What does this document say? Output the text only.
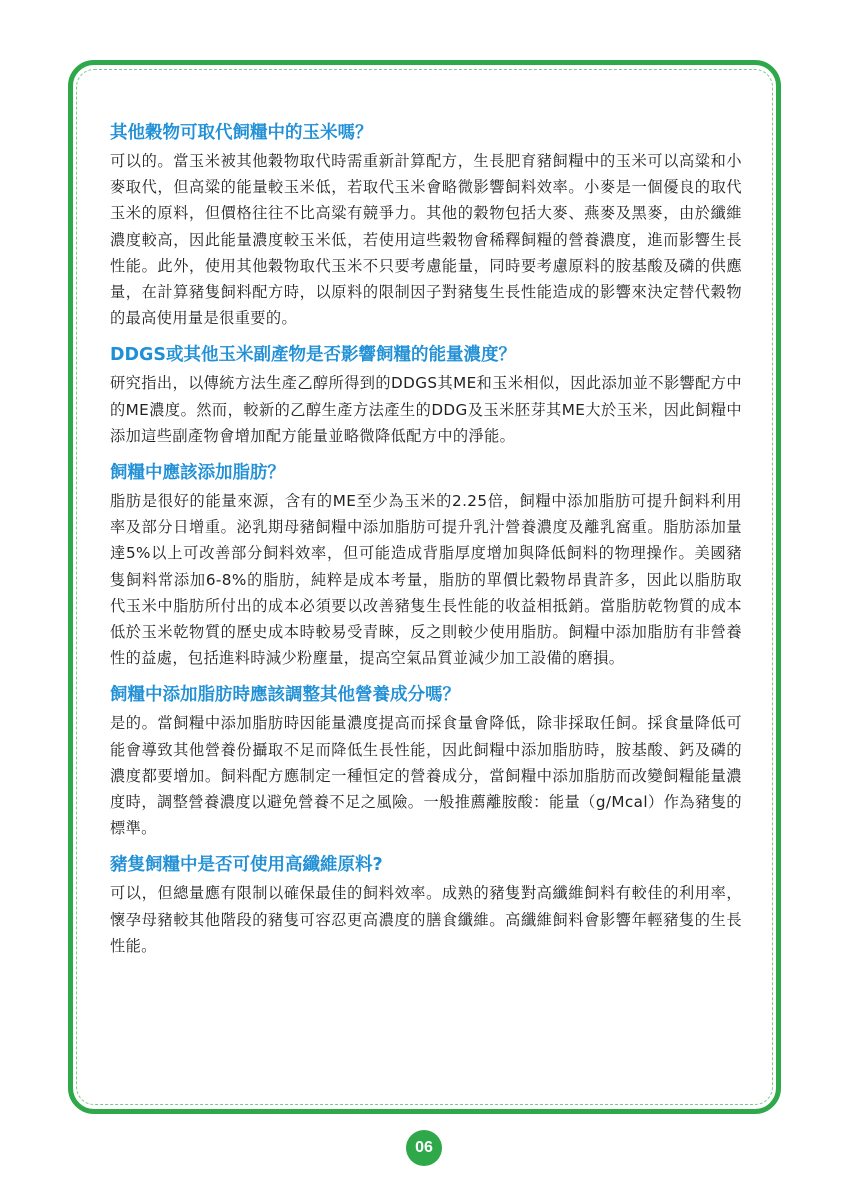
其他穀物可取代飼糧中的玉米嗎？

可以的。當玉米被其他穀物取代時需重新計算配方，生長肥育豬飼糧中的玉米可以高粱和小麥取代，但高粱的能量較玉米低，若取代玉米會略微影響飼料效率。小麥是一個優良的取代玉米的原料，但價格往往不比高粱有競爭力。其他的穀物包括大麥、燕麥及黑麥，由於纖維濃度較高，因此能量濃度較玉米低，若使用這些穀物會稀釋飼糧的營養濃度，進而影響生長性能。此外，使用其他穀物取代玉米不只要考慮能量，同時要考慮原料的胺基酸及磷的供應量，在計算豬隻飼料配方時，以原料的限制因子對豬隻生長性能造成的影響來決定替代穀物的最高使用量是很重要的。

DDGS或其他玉米副產物是否影響飼糧的能量濃度？

研究指出，以傳統方法生產乙醇所得到的DDGS其ME和玉米相似，因此添加並不影響配方中的ME濃度。然而，較新的乙醇生產方法產生的DDG及玉米胚芽其ME大於玉米，因此飼糧中添加這些副產物會增加配方能量並略微降低配方中的淨能。

飼糧中應該添加脂肪？

脂肪是很好的能量來源，含有的ME至少為玉米的2.25倍，飼糧中添加脂肪可提升飼料利用率及部分日增重。泌乳期母豬飼糧中添加脂肪可提升乳汁營養濃度及離乳窩重。脂肪添加量達5%以上可改善部分飼料效率，但可能造成背脂厚度增加與降低飼料的物理操作。美國豬隻飼料常添加6-8%的脂肪，純粹是成本考量，脂肪的單價比穀物昂貴許多，因此以脂肪取代玉米中脂肪所付出的成本必須要以改善豬隻生長性能的收益相抵銷。當脂肪乾物質的成本低於玉米乾物質的歷史成本時較易受青睞，反之則較少使用脂肪。飼糧中添加脂肪有非營養性的益處，包括進料時減少粉塵量，提高空氣品質並減少加工設備的磨損。

飼糧中添加脂肪時應該調整其他營養成分嗎？

是的。當飼糧中添加脂肪時因能量濃度提高而採食量會降低，除非採取任飼。採食量降低可能會導致其他營養份攝取不足而降低生長性能，因此飼糧中添加脂肪時，胺基酸、鈣及磷的濃度都要增加。飼料配方應制定一種恒定的營養成分，當飼糧中添加脂肪而改變飼糧能量濃度時，調整營養濃度以避免營養不足之風險。一般推薦離胺酸：能量（g/Mcal）作為豬隻的標準。

豬隻飼糧中是否可使用高纖維原料?

可以，但總量應有限制以確保最佳的飼料效率。成熟的豬隻對高纖維飼料有較佳的利用率，懷孕母豬較其他階段的豬隻可容忍更高濃度的膳食纖維。高纖維飼料會影響年輕豬隻的生長性能。

06
